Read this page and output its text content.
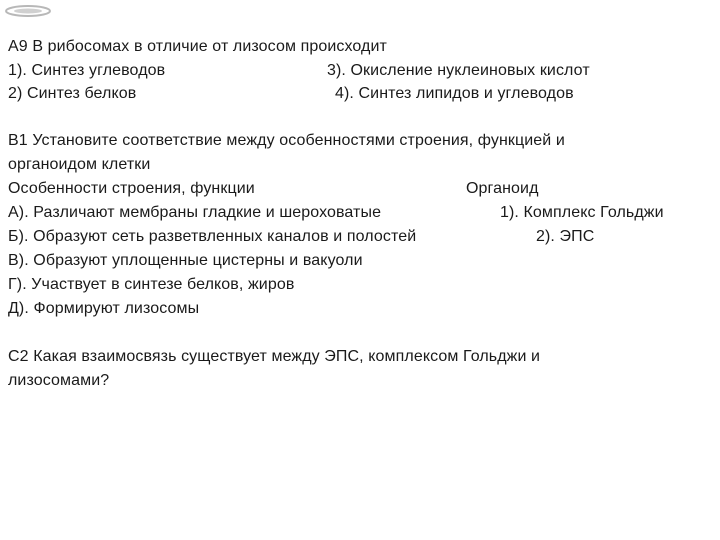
А9 В рибосомах в отличие от лизосом происходит
1). Синтез углеводов	3). Окисление нуклеиновых кислот
2) Синтез белков	4). Синтез липидов и углеводов
В1 Установите соответствие между особенностями строения, функцией и
органоидом клетки
Особенности строения, функции	Органоид
А). Различают мембраны гладкие и шероховатые	1). Комплекс Гольджи
Б). Образуют сеть разветвленных каналов и полостей	2). ЭПС
В). Образуют уплощенные цистерны и вакуоли
Г). Участвует в синтезе белков, жиров
Д). Формируют лизосомы
С2 Какая взаимосвязь существует между ЭПС, комплексом Гольджи и
лизосомами?
